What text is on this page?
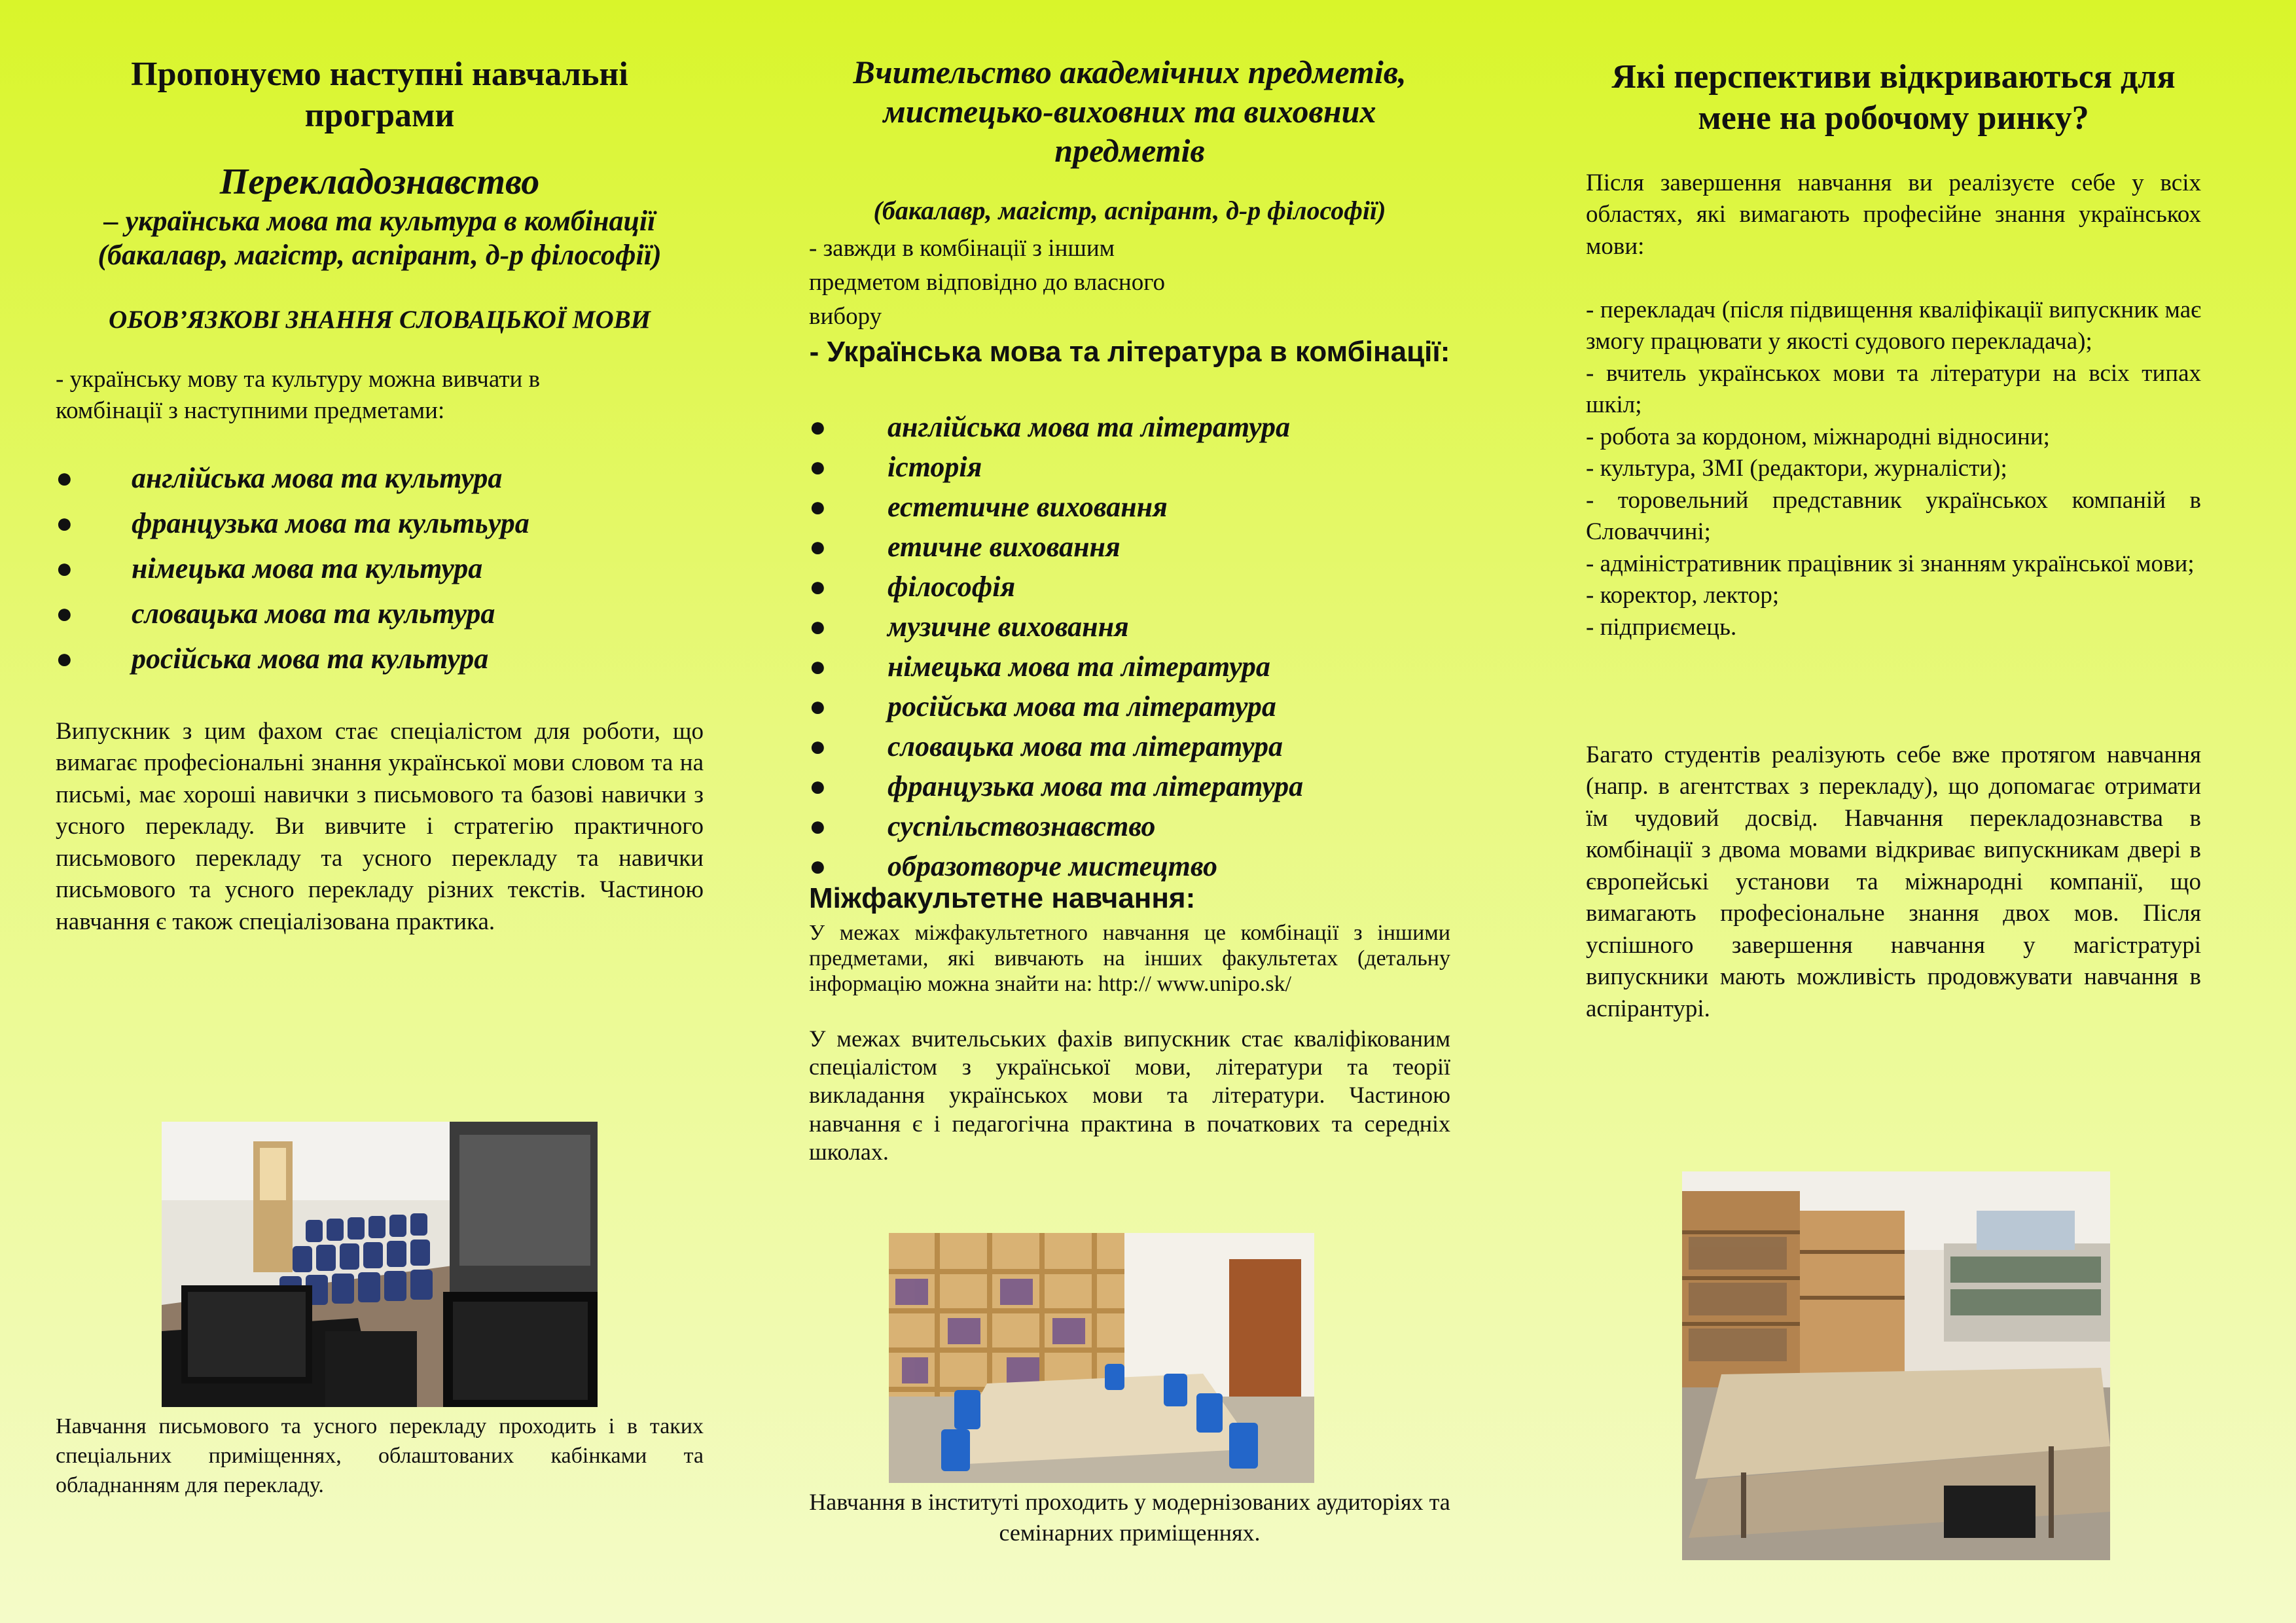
Пропонуємо наступні навчальні програми
Перекладознавство

– українська мова та культура в комбінації (бакалавр, магістр, аспірант, д-р філософії)

ОБОВ’ЯЗКОВІ ЗНАННЯ СЛОВАЦЬКОЇ МОВИ

- українську мову та культуру можна вивчати в комбінації з наступними предметами:

● англійська мова та культура
● французька мова та культьура
● німецька мова та культура
● словацька мова та культура
● російська мова та культура

Випускник з цим фахом стає спеціалістом для роботи, що вимагає професіональні знання української мови словом та на письмі, має хороші навички з письмового та базові навички з усного перекладу. Ви вивчите і стратегію практичного письмового перекладу та усного перекладу та навички письмового та усного перекладу різних текстів. Частиною навчання є також спеціалізована практика.

Навчання письмового та усного перекладу проходить і в таких спеціальних приміщеннях, облаштованих кабінками та обладнанням для перекладу.

Вчительство академічних предметів, мистецько-виховних та виховних предметів

(бакалавр, магістр, аспірант, д-р філософії)

- завжди в комбінації з іншим предметом відповідно до власного вибору

- Українська мова та література в комбінації:

● англійська мова та література
● історія
● естетичне виховання
● етичне виховання
● філософія
● музичне виховання
● німецька мова та література
● російська мова та література
● словацька мова та література
● французька мова та література
● суспільствознавство
● образотворче мистецтво
Міжфакультетне навчання:

У межах міжфакультетного навчання це комбінації з іншими предметами, які вивчають на інших факультетах (детальну інформацію можна знайти на: http:// www.unipo.sk/

У межах вчительських фахів випускник стає кваліфікованим спеціалістом з української мови, літератури та теорії викладання українськох мови та літератури. Частиною навчання є і педагогічна практина в початкових та середніх школах.

Навчання в інституті проходить у модернізованих аудиторіях та семінарних приміщеннях.

Які перспективи відкриваються для мене на робочому ринку?

Після завершення навчання ви реалізуєте себе у всіх областях, які вимагають професійне знання українськох мови:

- перекладач (після підвищення кваліфікації випускник має змогу працювати у якості судового перекладача);

- вчитель українськох мови та літератури на всіх типах шкіл;

- робота за кордоном, міжнародні відносини;

- культура, ЗМІ (редактори, журналісти);

- торовельний представник українськох компаній в Словаччині;

- адміністративник працівник зі знанням української мови;

- коректор, лектор;

- підприємець.

Багато студентів реалізують себе вже протягом навчання (напр. в агентствах з перекладу), що допомагає отримати їм чудовий досвід. Навчання перекладознавства в комбінації з двома мовами відкриває випускникам двері в європейські установи та міжнародні компанії, що вимагають професіональне знання двох мов. Після успішного завершення навчання у магістратурі випускники мають можливість продовжувати навчання в аспірантурі.
